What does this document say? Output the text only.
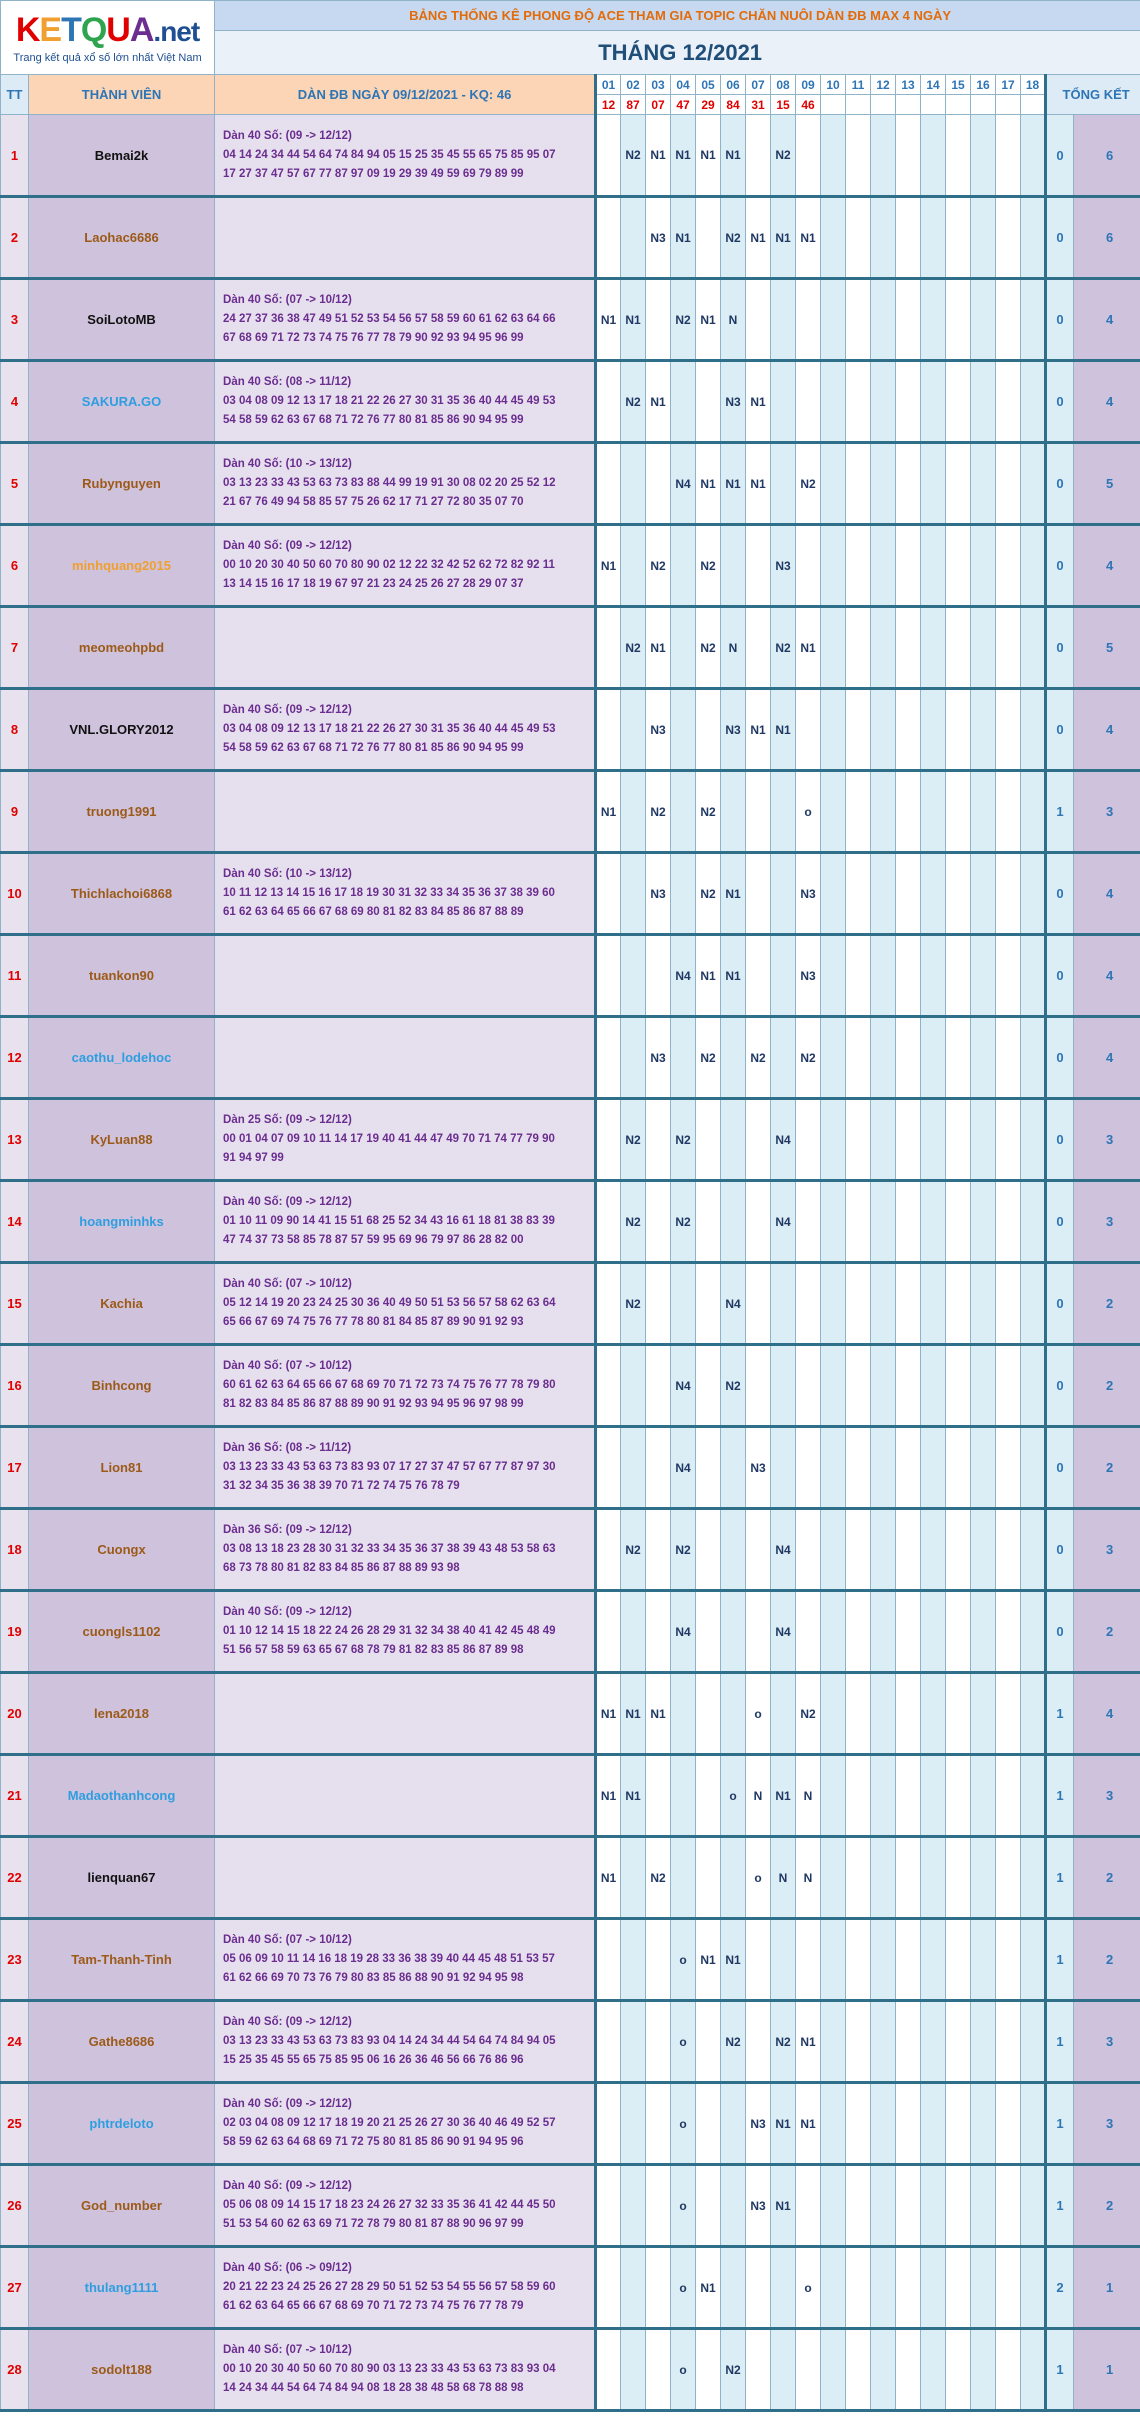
KETQUA.net
Trang kết quả xổ số lớn nhất Việt Nam		BẢNG THỐNG KÊ PHONG ĐỘ ACE THAM GIA TOPIC CHĂN NUÔI DÀN ĐB MAX 4 NGÀY																				
		THÁNG 12/2021																				
TT	THÀNH VIÊN	DÀN ĐB NGÀY 09/12/2021 - KQ: 46	01	02	03	04	05	06	07	08	09	10	11	12	13	14	15	16	17	18	TỔNG KẾT	
			12	87	07	47	29	84	31	15	46											
1	Bemai2k	Dàn 40 Số: (09 -> 12/12)
04 14 24 34 44 54 64 74 84 94 05 15 25 35 45 55 65 75 85 95 07
17 27 37 47 57 67 77 87 97 09 19 29 39 49 59 69 79 89 99		N2	N1	N1	N1	N1		N2											0	6
2	Laohac6686				N3	N1		N2	N1	N1	N1										0	6
3	SoiLotoMB	Dàn 40 Số: (07 -> 10/12)
24 27 37 36 38 47 49 51 52 53 54 56 57 58 59 60 61 62 63 64 66
67 68 69 71 72 73 74 75 76 77 78 79 90 92 93 94 95 96 99	N1	N1		N2	N1	N													0	4
4	SAKURA.GO	Dàn 40 Số: (08 -> 11/12)
03 04 08 09 12 13 17 18 21 22 26 27 30 31 35 36 40 44 45 49 53
54 58 59 62 63 67 68 71 72 76 77 80 81 85 86 90 94 95 99		N2	N1			N3	N1												0	4
5	Rubynguyen	Dàn 40 Số: (10 -> 13/12)
03 13 23 33 43 53 63 73 83 88 44 99 19 91 30 08 02 20 25 52 12
21 67 76 49 94 58 85 57 75 26 62 17 71 27 72 80 35 07 70				N4	N1	N1	N1		N2										0	5
6	minhquang2015	Dàn 40 Số: (09 -> 12/12)
00 10 20 30 40 50 60 70 80 90 02 12 22 32 42 52 62 72 82 92 11
13 14 15 16 17 18 19 67 97 21 23 24 25 26 27 28 29 07 37	N1		N2		N2			N3											0	4
7	meomeohpbd			N2	N1		N2	N		N2	N1										0	5
8	VNL.GLORY2012	Dàn 40 Số: (09 -> 12/12)
03 04 08 09 12 13 17 18 21 22 26 27 30 31 35 36 40 44 45 49 53
54 58 59 62 63 67 68 71 72 76 77 80 81 85 86 90 94 95 99			N3			N3	N1	N1											0	4
9	truong1991		N1		N2		N2				o										1	3
10	Thichlachoi6868	Dàn 40 Số: (10 -> 13/12)
10 11 12 13 14 15 16 17 18 19 30 31 32 33 34 35 36 37 38 39 60
61 62 63 64 65 66 67 68 69 80 81 82 83 84 85 86 87 88 89			N3		N2	N1			N3										0	4
11	tuankon90					N4	N1	N1			N3										0	4
12	caothu_lodehoc				N3		N2		N2		N2										0	4
13	KyLuan88	Dàn 25 Số: (09 -> 12/12)
00 01 04 07 09 10 11 14 17 19 40 41 44 47 49 70 71 74 77 79 90
91 94 97 99		N2		N2				N4											0	3
14	hoangminhks	Dàn 40 Số: (09 -> 12/12)
01 10 11 09 90 14 41 15 51 68 25 52 34 43 16 61 18 81 38 83 39
47 74 37 73 58 85 78 87 57 59 95 69 96 79 97 86 28 82 00		N2		N2				N4											0	3
15	Kachia	Dàn 40 Số: (07 -> 10/12)
05 12 14 19 20 23 24 25 30 36 40 49 50 51 53 56 57 58 62 63 64
65 66 67 69 74 75 76 77 78 80 81 84 85 87 89 90 91 92 93		N2				N4													0	2
16	Binhcong	Dàn 40 Số: (07 -> 10/12)
60 61 62 63 64 65 66 67 68 69 70 71 72 73 74 75 76 77 78 79 80
81 82 83 84 85 86 87 88 89 90 91 92 93 94 95 96 97 98 99				N4		N2													0	2
17	Lion81	Dàn 36 Số: (08 -> 11/12)
03 13 23 33 43 53 63 73 83 93 07 17 27 37 47 57 67 77 87 97 30
31 32 34 35 36 38 39 70 71 72 74 75 76 78 79				N4			N3												0	2
18	Cuongx	Dàn 36 Số: (09 -> 12/12)
03 08 13 18 23 28 30 31 32 33 34 35 36 37 38 39 43 48 53 58 63
68 73 78 80 81 82 83 84 85 86 87 88 89 93 98		N2		N2				N4											0	3
19	cuongls1102	Dàn 40 Số: (09 -> 12/12)
01 10 12 14 15 18 22 24 26 28 29 31 32 34 38 40 41 42 45 48 49
51 56 57 58 59 63 65 67 68 78 79 81 82 83 85 86 87 89 98				N4				N4											0	2
20	lena2018		N1	N1	N1				o		N2										1	4
21	Madaothanhcong		N1	N1				o	N	N1	N										1	3
22	lienquan67		N1		N2				o	N	N										1	2
23	Tam-Thanh-Tinh	Dàn 40 Số: (07 -> 10/12)
05 06 09 10 11 14 16 18 19 28 33 36 38 39 40 44 45 48 51 53 57
61 62 66 69 70 73 76 79 80 83 85 86 88 90 91 92 94 95 98				o	N1	N1													1	2
24	Gathe8686	Dàn 40 Số: (09 -> 12/12)
03 13 23 33 43 53 63 73 83 93 04 14 24 34 44 54 64 74 84 94 05
15 25 35 45 55 65 75 85 95 06 16 26 36 46 56 66 76 86 96				o		N2		N2	N1										1	3
25	phtrdeloto	Dàn 40 Số: (09 -> 12/12)
02 03 04 08 09 12 17 18 19 20 21 25 26 27 30 36 40 46 49 52 57
58 59 62 63 64 68 69 71 72 75 80 81 85 86 90 91 94 95 96				o			N3	N1	N1										1	3
26	God_number	Dàn 40 Số: (09 -> 12/12)
05 06 08 09 14 15 17 18 23 24 26 27 32 33 35 36 41 42 44 45 50
51 53 54 60 62 63 69 71 72 78 79 80 81 87 88 90 96 97 99				o			N3	N1											1	2
27	thulang1111	Dàn 40 Số: (06 -> 09/12)
20 21 22 23 24 25 26 27 28 29 50 51 52 53 54 55 56 57 58 59 60
61 62 63 64 65 66 67 68 69 70 71 72 73 74 75 76 77 78 79				o	N1				o										2	1
28	sodolt188	Dàn 40 Số: (07 -> 10/12)
00 10 20 30 40 50 60 70 80 90 03 13 23 33 43 53 63 73 83 93 04
14 24 34 44 54 64 74 84 94 08 18 28 38 48 58 68 78 88 98				o		N2													1	1
